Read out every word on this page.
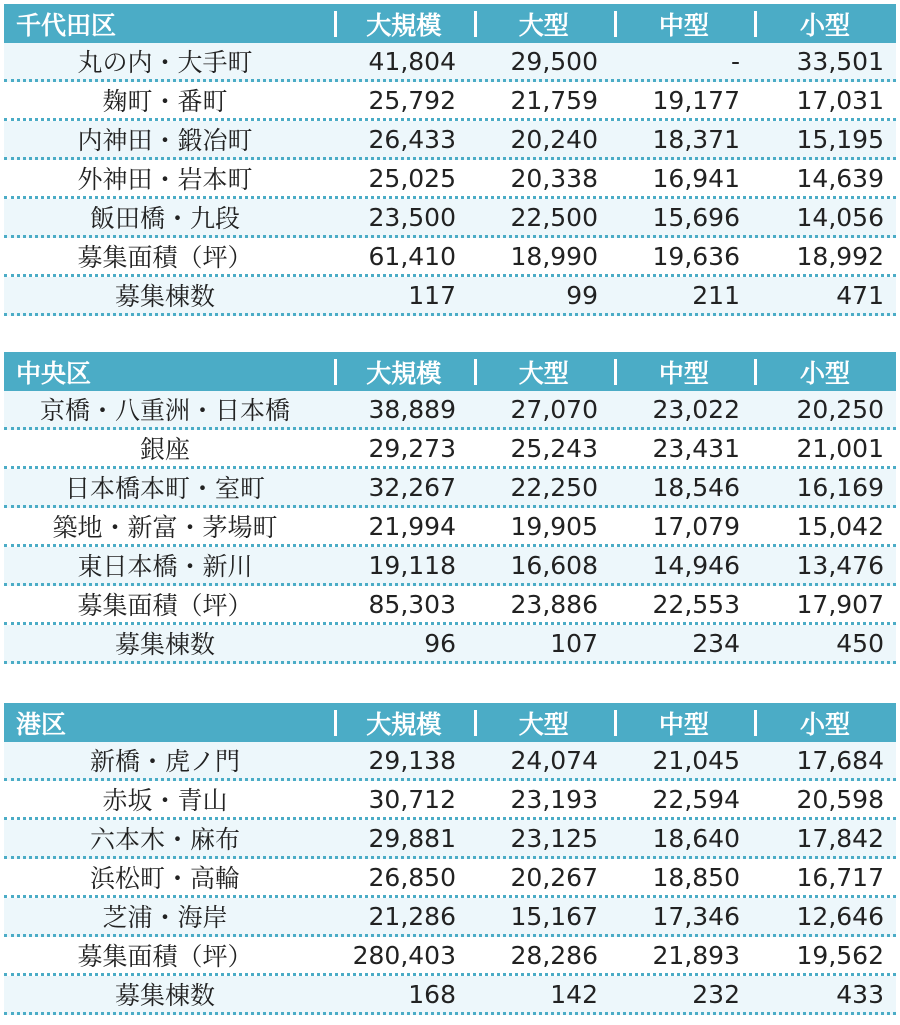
千代田区	大規模	大型	中型	小型
丸の内・大手町	41,804	29,500	-	33,501
麹町・番町	25,792	21,759	19,177	17,031
内神田・鍛冶町	26,433	20,240	18,371	15,195
外神田・岩本町	25,025	20,338	16,941	14,639
飯田橋・九段	23,500	22,500	15,696	14,056
募集面積（坪）	61,410	18,990	19,636	18,992
募集棟数	117	99	211	471
中央区	大規模	大型	中型	小型
京橋・八重洲・日本橋	38,889	27,070	23,022	20,250
銀座	29,273	25,243	23,431	21,001
日本橋本町・室町	32,267	22,250	18,546	16,169
築地・新富・茅場町	21,994	19,905	17,079	15,042
東日本橋・新川	19,118	16,608	14,946	13,476
募集面積（坪）	85,303	23,886	22,553	17,907
募集棟数	96	107	234	450
港区	大規模	大型	中型	小型
新橋・虎ノ門	29,138	24,074	21,045	17,684
赤坂・青山	30,712	23,193	22,594	20,598
六本木・麻布	29,881	23,125	18,640	17,842
浜松町・高輪	26,850	20,267	18,850	16,717
芝浦・海岸	21,286	15,167	17,346	12,646
募集面積（坪）	280,403	28,286	21,893	19,562
募集棟数	168	142	232	433
